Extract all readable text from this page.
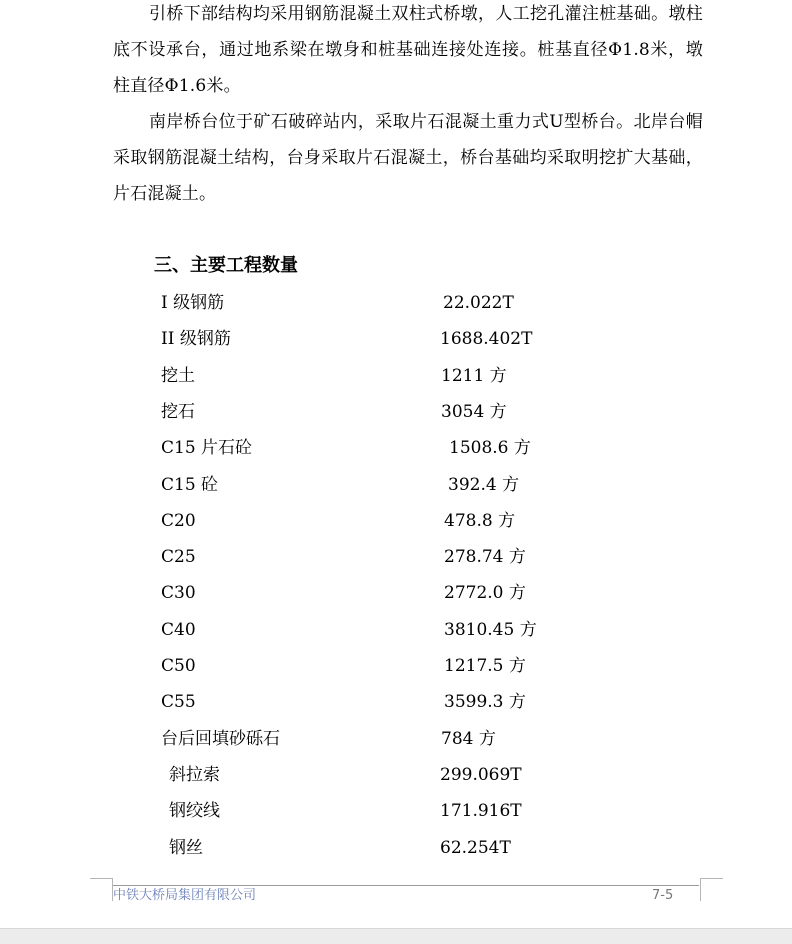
引桥下部结构均采用钢筋混凝土双柱式桥墩，人工挖孔灌注桩基础。墩柱底不设承台，通过地系梁在墩身和桩基础连接处连接。桩基直径Φ1.8米，墩柱直径Φ1.6米。

南岸桥台位于矿石破碎站内，采取片石混凝土重力式U型桥台。北岸台帽采取钢筋混凝土结构，台身采取片石混凝土，桥台基础均采取明挖扩大基础，片石混凝土。

三、主要工程数量
I 级钢筋	22.022T
II 级钢筋	1688.402T
挖土	1211 方
挖石	3054 方
C15 片石砼	1508.6 方
C15 砼	392.4 方
C20	478.8 方
C25	278.74 方
C30	2772.0 方
C40	3810.45 方
C50	1217.5 方
C55	3599.3 方
台后回填砂砾石	784 方
斜拉索	299.069T
钢绞线	171.916T
钢丝	62.254T
中铁大桥局集团有限公司	7-5
